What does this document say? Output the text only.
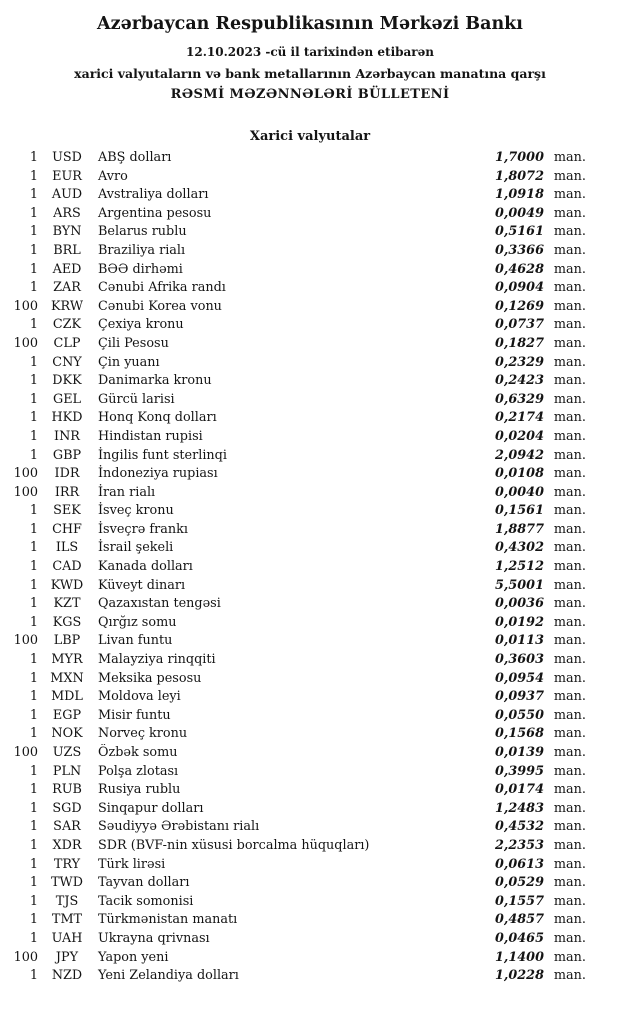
Azərbaycan Respublikasının Mərkəzi Bankı
12.10.2023 -cü il tarixindən etibarən
xarici valyutaların və bank metallarının Azərbaycan manatına qarşı
RƏSMİ MƏZƏNNƏLƏRİ BÜLLETENİ
Xarici valyutalar
1	USD	ABŞ dolları	1,7000 man.
1	EUR	Avro	1,8072 man.
1	AUD	Avstraliya dolları	1,0918 man.
1	ARS	Argentina pesosu	0,0049 man.
1	BYN	Belarus rublu	0,5161 man.
1	BRL	Braziliya rialı	0,3366 man.
1	AED	BƏƏ dirhəmi	0,4628 man.
1	ZAR	Cənubi Afrika randı	0,0904 man.
100	KRW	Cənubi Korea vonu	0,1269 man.
1	CZK	Çexiya kronu	0,0737 man.
100	CLP	Çili Pesosu	0,1827 man.
1	CNY	Çin yuanı	0,2329 man.
1	DKK	Danimarka kronu	0,2423 man.
1	GEL	Gürcü larisi	0,6329 man.
1	HKD	Honq Konq dolları	0,2174 man.
1	INR	Hindistan rupisi	0,0204 man.
1	GBP	İngilis funt sterlinqi	2,0942 man.
100	IDR	İndoneziya rupiası	0,0108 man.
100	IRR	İran rialı	0,0040 man.
1	SEK	İsveç kronu	0,1561 man.
1	CHF	İsveçrə frankı	1,8877 man.
1	ILS	İsrail şekeli	0,4302 man.
1	CAD	Kanada dolları	1,2512 man.
1 KWD	Küveyt dinarı	5,5001 man.
1	KZT	Qazaxıstan tengəsi	0,0036 man.
1	KGS	Qırğız somu	0,0192 man.
100	LBP	Livan funtu	0,0113 man.
1	MYR	Malayziya rinqqiti	0,3603 man.
1 MXN	Meksika pesosu	0,0954 man.
1	MDL	Moldova leyi	0,0937 man.
1	EGP	Misir funtu	0,0550 man.
1	NOK	Norveç kronu	0,1568 man.
100	UZS	Özbək somu	0,0139 man.
1	PLN	Polşa zlotası	0,3995 man.
1	RUB	Rusiya rublu	0,0174 man.
1	SGD	Sinqapur dolları	1,2483 man.
1	SAR	Səudiyyə Ərəbistanı rialı	0,4532 man.
1	XDR	SDR (BVF-nin xüsusi borcalma hüquqları)	2,2353 man.
1	TRY	Türk lirəsi	0,0613 man.
1	TWD	Tayvan dolları	0,0529 man.
1	TJS	Tacik somonisi	0,1557 man.
1	TMT	Türkmənistan manatı	0,4857 man.
1	UAH	Ukrayna qrivnası	0,0465 man.
100	JPY	Yapon yeni	1,1400 man.
1	NZD	Yeni Zelandiya dolları	1,0228 man.
